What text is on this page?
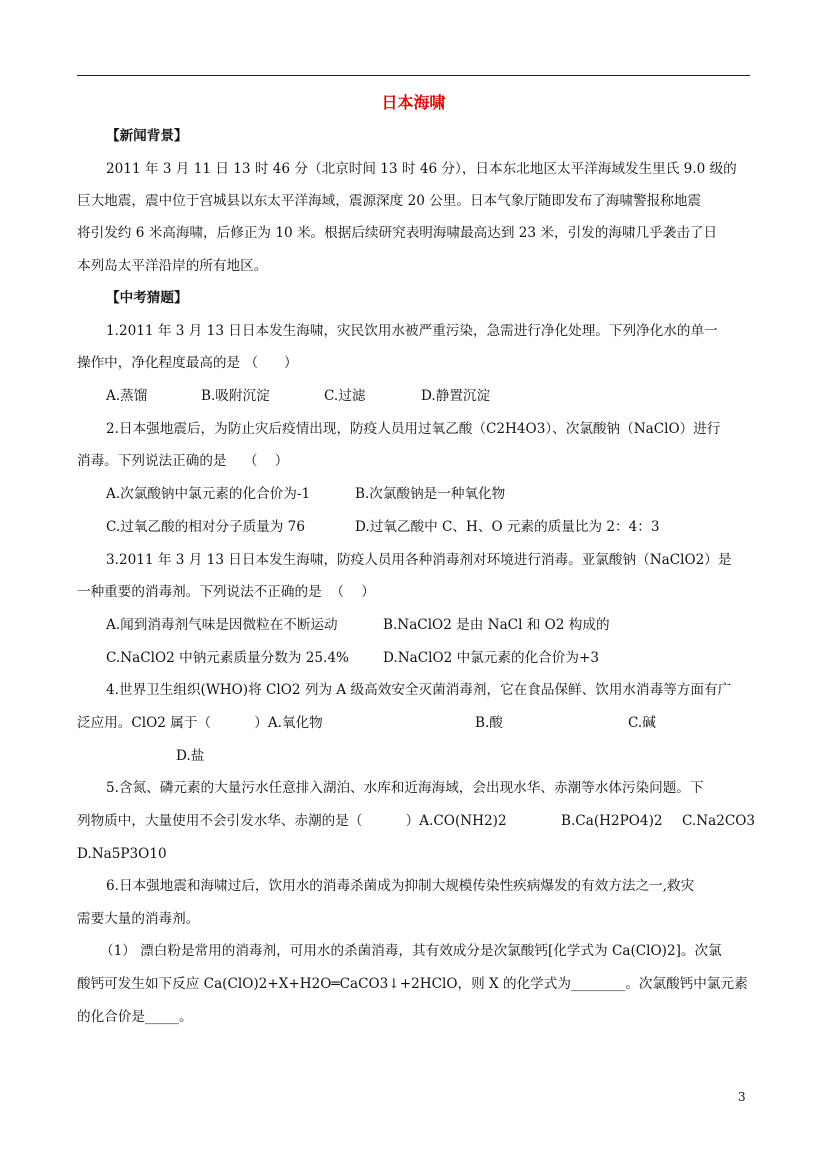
日本海啸
【新闻背景】
2011 年 3 月 11 日 13 时 46 分（北京时间 13 时 46 分），日本东北地区太平洋海域发生里氏 9.0 级的
巨大地震，震中位于宫城县以东太平洋海域，震源深度 20 公里。日本气象厅随即发布了海啸警报称地震
将引发约 6 米高海啸，后修正为 10 米。根据后续研究表明海啸最高达到 23 米，引发的海啸几乎袭击了日
本列岛太平洋沿岸的所有地区。
【中考猜题】
1.2011 年 3 月 13 日日本发生海啸，灾民饮用水被严重污染，急需进行净化处理。下列净化水的单一
操作中，净化程度最高的是 （      ）
A.蒸馏	B.吸附沉淀	C.过滤	D.静置沉淀
2.日本强地震后，为防止灾后疫情出现，防疫人员用过氧乙酸（C2H4O3）、次氯酸钠（NaClO）进行
消毒。下列说法正确的是    （    ）
A.次氯酸钠中氯元素的化合价为-1	B.次氯酸钠是一种氧化物
C.过氧乙酸的相对分子质量为 76	D.过氧乙酸中 C、H、O 元素的质量比为 2：4：3
3.2011 年 3 月 13 日日本发生海啸，防疫人员用各种消毒剂对环境进行消毒。亚氯酸钠（NaClO2）是
一种重要的消毒剂。下列说法不正确的是  （    ）
A.闻到消毒剂气味是因微粒在不断运动	B.NaClO2 是由 NaCl 和 O2 构成的
C.NaClO2 中钠元素质量分数为 25.4%	D.NaClO2 中氯元素的化合价为+3
4.世界卫生组织(WHO)将 ClO2 列为 A 级高效安全灭菌消毒剂，它在食品保鲜、饮用水消毒等方面有广
泛应用。ClO2 属于（          ）A.氧化物	B.酸	C.碱
D.盐
5.含氮、磷元素的大量污水任意排入湖泊、水库和近海海域，会出现水华、赤潮等水体污染问题。下
列物质中，大量使用不会引发水华、赤潮的是（          ）A.CO(NH2)2	B.Ca(H2PO4)2 C.Na2CO3
D.Na5P3O10
6.日本强地震和海啸过后，饮用水的消毒杀菌成为抑制大规模传染性疾病爆发的有效方法之一,救灾
需要大量的消毒剂。
（1） 漂白粉是常用的消毒剂，可用水的杀菌消毒，其有效成分是次氯酸钙[化学式为 Ca(ClO)2]。次氯
酸钙可发生如下反应 Ca(ClO)2+X+H2O═CaCO3↓+2HClO，则 X 的化学式为________。次氯酸钙中氯元素
的化合价是_____。
3
